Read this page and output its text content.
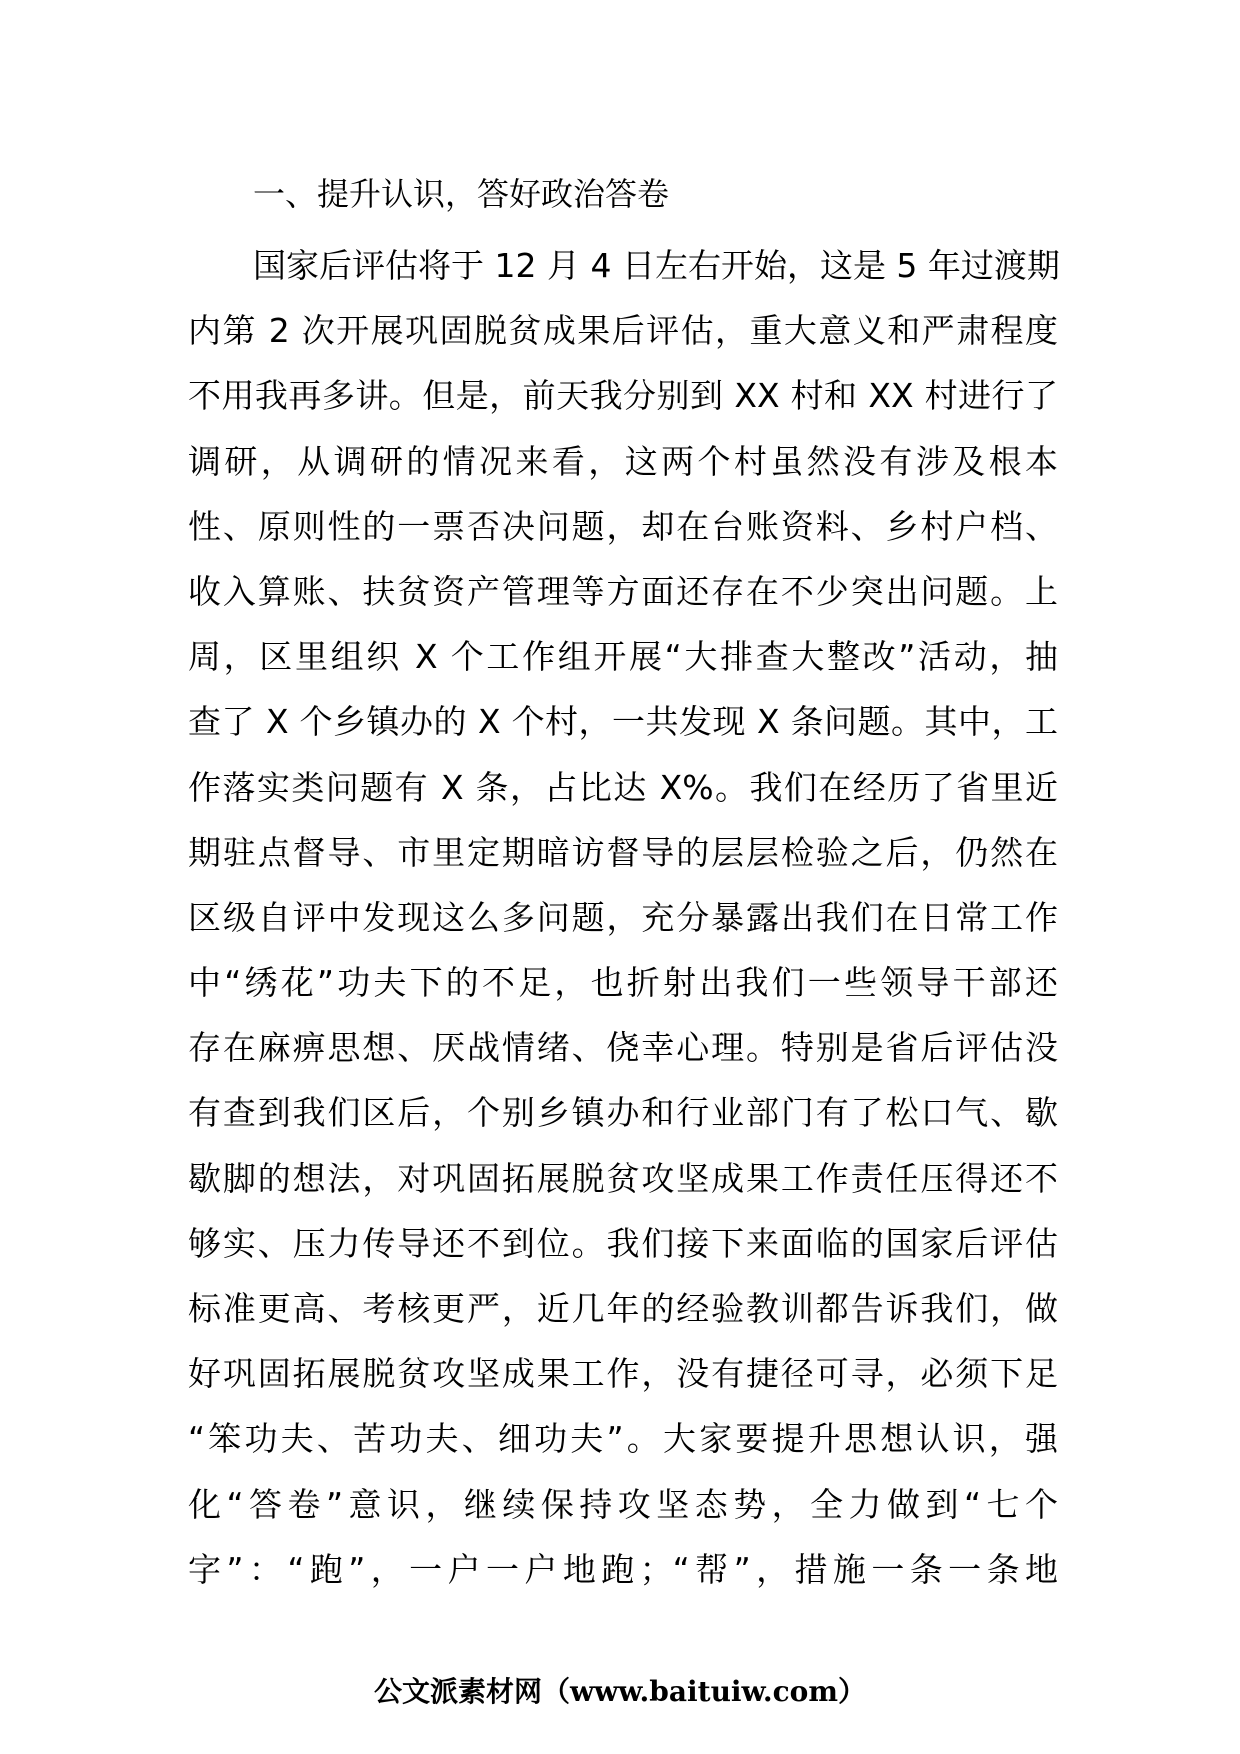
一、提升认识，答好政治答卷
国家后评估将于 12 月 4 日左右开始，这是 5 年过渡期
内第 2 次开展巩固脱贫成果后评估，重大意义和严肃程度
不用我再多讲。但是，前天我分别到 XX 村和 XX 村进行了
调研，从调研的情况来看，这两个村虽然没有涉及根本
性、原则性的一票否决问题，却在台账资料、乡村户档、
收入算账、扶贫资产管理等方面还存在不少突出问题。上
周，区里组织 X 个工作组开展“大排查大整改”活动，抽
查了 X 个乡镇办的 X 个村，一共发现 X 条问题。其中，工
作落实类问题有 X 条，占比达 X%。我们在经历了省里近
期驻点督导、市里定期暗访督导的层层检验之后，仍然在
区级自评中发现这么多问题，充分暴露出我们在日常工作
中“绣花”功夫下的不足，也折射出我们一些领导干部还
存在麻痹思想、厌战情绪、侥幸心理。特别是省后评估没
有查到我们区后，个别乡镇办和行业部门有了松口气、歇
歇脚的想法，对巩固拓展脱贫攻坚成果工作责任压得还不
够实、压力传导还不到位。我们接下来面临的国家后评估
标准更高、考核更严，近几年的经验教训都告诉我们，做
好巩固拓展脱贫攻坚成果工作，没有捷径可寻，必须下足
“笨功夫、苦功夫、细功夫”。大家要提升思想认识，强
化“答卷”意识，继续保持攻坚态势，全力做到“七个
字”：“跑”，一户一户地跑；“帮”，措施一条一条地
公文派素材网（www.baituiw.com）
